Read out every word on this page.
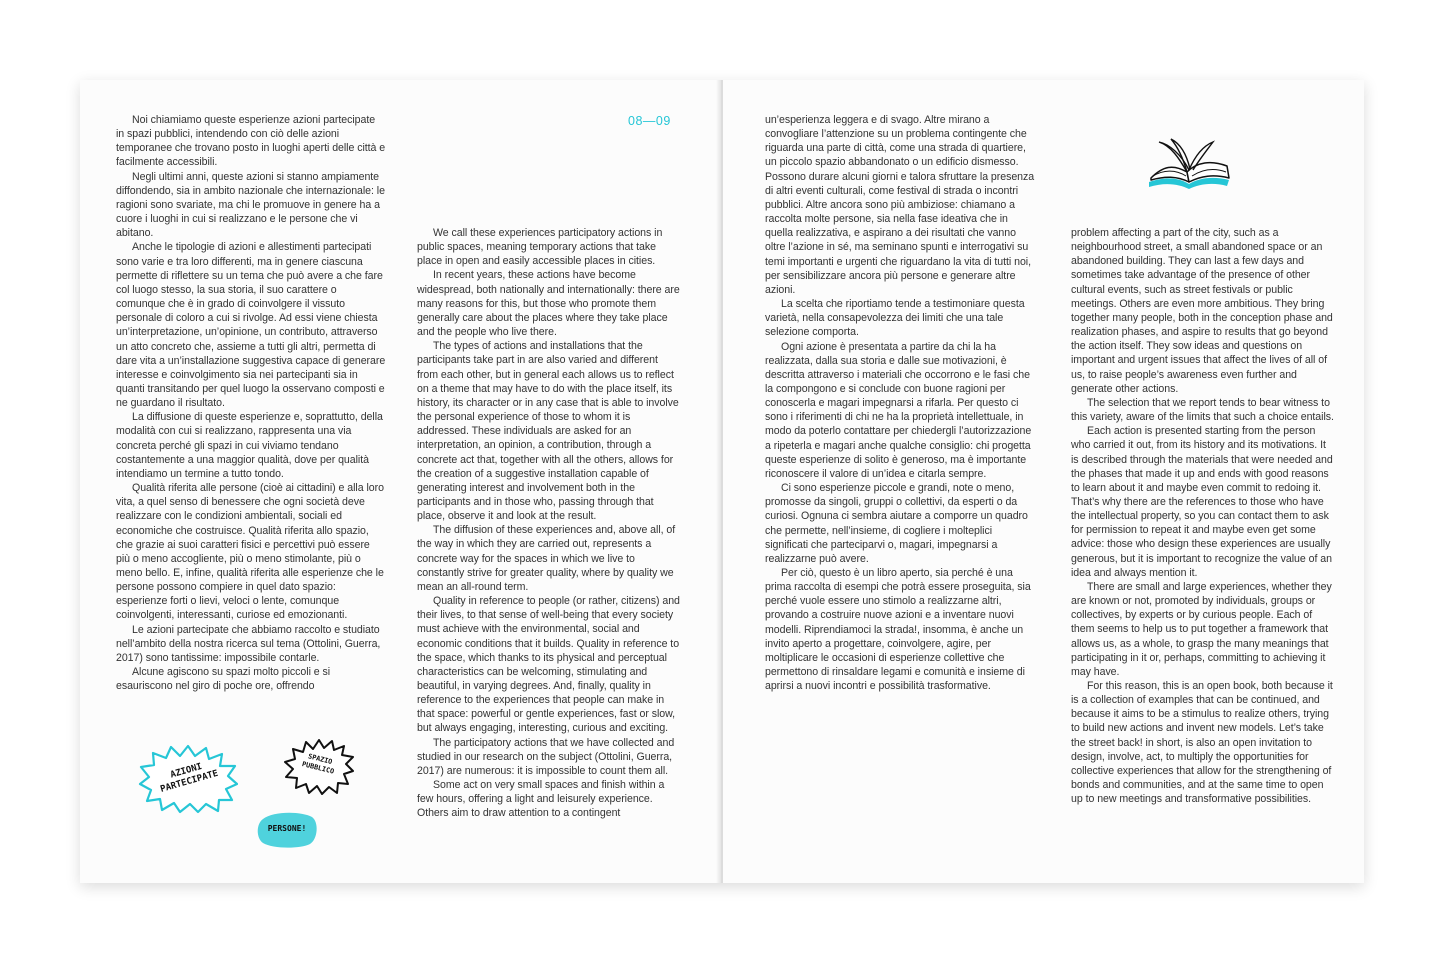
08—09

Noi chiamiamo queste esperienze azioni partecipate in spazi pubblici, intendendo con ciò delle azioni temporanee che trovano posto in luoghi aperti delle città e facilmente accessibili.

Negli ultimi anni, queste azioni si stanno ampiamente diffondendo, sia in ambito nazionale che internazionale: le ragioni sono svariate, ma chi le promuove in genere ha a cuore i luoghi in cui si realizzano e le persone che vi abitano.

Anche le tipologie di azioni e allestimenti partecipati sono varie e tra loro differenti, ma in genere ciascuna permette di riflettere su un tema che può avere a che fare col luogo stesso, la sua storia, il suo carattere o comunque che è in grado di coinvolgere il vissuto personale di coloro a cui si rivolge. Ad essi viene chiesta un’interpretazione, un’opinione, un contributo, attraverso un atto concreto che, assieme a tutti gli altri, permetta di dare vita a un’installazione suggestiva capace di generare interesse e coinvolgimento sia nei partecipanti sia in quanti transitando per quel luogo la osservano composti e ne guardano il risultato.

La diffusione di queste esperienze e, soprattutto, della modalità con cui si realizzano, rappresenta una via concreta perché gli spazi in cui viviamo tendano costantemente a una maggior qualità, dove per qualità intendiamo un termine a tutto tondo.

Qualità riferita alle persone (cioè ai cittadini) e alla loro vita, a quel senso di benessere che ogni società deve realizzare con le condizioni ambientali, sociali ed economiche che costruisce. Qualità riferita allo spazio, che grazie ai suoi caratteri fisici e percettivi può essere più o meno accogliente, più o meno stimolante, più o meno bello. E, infine, qualità riferita alle esperienze che le persone possono compiere in quel dato spazio: esperienze forti o lievi, veloci o lente, comunque coinvolgenti, interessanti, curiose ed emozionanti.

Le azioni partecipate che abbiamo raccolto e studiato nell’ambito della nostra ricerca sul tema (Ottolini, Guerra, 2017) sono tantissime: impossibile contarle.

Alcune agiscono su spazi molto piccoli e si esauriscono nel giro di poche ore, offrendo

We call these experiences participatory actions in public spaces, meaning temporary actions that take place in open and easily accessible places in cities.

In recent years, these actions have become widespread, both nationally and internationally: there are many reasons for this, but those who promote them generally care about the places where they take place and the people who live there.

The types of actions and installations that the participants take part in are also varied and different from each other, but in general each allows us to reflect on a theme that may have to do with the place itself, its history, its character or in any case that is able to involve the personal experience of those to whom it is addressed. These individuals are asked for an interpretation, an opinion, a contribution, through a concrete act that, together with all the others, allows for the creation of a suggestive installation capable of generating interest and involvement both in the participants and in those who, passing through that place, observe it and look at the result.

The diffusion of these experiences and, above all, of the way in which they are carried out, represents a concrete way for the spaces in which we live to constantly strive for greater quality, where by quality we mean an all-round term.

Quality in reference to people (or rather, citizens) and their lives, to that sense of well-being that every society must achieve with the environmental, social and economic conditions that it builds. Quality in reference to the space, which thanks to its physical and perceptual characteristics can be welcoming, stimulating and beautiful, in varying degrees. And, finally, quality in reference to the experiences that people can make in that space: powerful or gentle experiences, fast or slow, but always engaging, interesting, curious and exciting.

The participatory actions that we have collected and studied in our research on the subject (Ottolini, Guerra, 2017) are numerous: it is impossible to count them all.

Some act on very small spaces and finish within a few hours, offering a light and leisurely experience. Others aim to draw attention to a contingent

AZIONI
PARTECIPATE
SPAZIO
PUBBLICO
PERSONE!

un’esperienza leggera e di svago. Altre mirano a convogliare l’attenzione su un problema contingente che riguarda una parte di città, come una strada di quartiere, un piccolo spazio abbandonato o un edificio dismesso. Possono durare alcuni giorni e talora sfruttare la presenza di altri eventi culturali, come festival di strada o incontri pubblici. Altre ancora sono più ambiziose: chiamano a raccolta molte persone, sia nella fase ideativa che in quella realizzativa, e aspirano a dei risultati che vanno oltre l’azione in sé, ma seminano spunti e interrogativi su temi importanti e urgenti che riguardano la vita di tutti noi, per sensibilizzare ancora più persone e generare altre azioni.

La scelta che riportiamo tende a testimoniare questa varietà, nella consapevolezza dei limiti che una tale selezione comporta.

Ogni azione è presentata a partire da chi la ha realizzata, dalla sua storia e dalle sue motivazioni, è descritta attraverso i materiali che occorrono e le fasi che la compongono e si conclude con buone ragioni per conoscerla e magari impegnarsi a rifarla. Per questo ci sono i riferimenti di chi ne ha la proprietà intellettuale, in modo da poterlo contattare per chiedergli l’autorizzazione a ripeterla e magari anche qualche consiglio: chi progetta queste esperienze di solito è generoso, ma è importante riconoscere il valore di un’idea e citarla sempre.

Ci sono esperienze piccole e grandi, note o meno, promosse da singoli, gruppi o collettivi, da esperti o da curiosi. Ognuna ci sembra aiutare a comporre un quadro che permette, nell’insieme, di cogliere i molteplici significati che parteciparvi o, magari, impegnarsi a realizzarne può avere.

Per ciò, questo è un libro aperto, sia perché è una prima raccolta di esempi che potrà essere proseguita, sia perché vuole essere uno stimolo a realizzarne altri, provando a costruire nuove azioni e a inventare nuovi modelli. Riprendiamoci la strada!, insomma, è anche un invito aperto a progettare, coinvolgere, agire, per moltiplicare le occasioni di esperienze collettive che permettono di rinsaldare legami e comunità e insieme di aprirsi a nuovi incontri e possibilità trasformative.

problem affecting a part of the city, such as a neighbourhood street, a small abandoned space or an abandoned building. They can last a few days and sometimes take advantage of the presence of other cultural events, such as street festivals or public meetings. Others are even more ambitious. They bring together many people, both in the conception phase and realization phases, and aspire to results that go beyond the action itself. They sow ideas and questions on important and urgent issues that affect the lives of all of us, to raise people’s awareness even further and generate other actions.

The selection that we report tends to bear witness to this variety, aware of the limits that such a choice entails.

Each action is presented starting from the person who carried it out, from its history and its motivations. It is described through the materials that were needed and the phases that made it up and ends with good reasons to learn about it and maybe even commit to redoing it. That’s why there are the references to those who have the intellectual property, so you can contact them to ask for permission to repeat it and maybe even get some advice: those who design these experiences are usually generous, but it is important to recognize the value of an idea and always mention it.

There are small and large experiences, whether they are known or not, promoted by individuals, groups or collectives, by experts or by curious people. Each of them seems to help us to put together a framework that allows us, as a whole, to grasp the many meanings that participating in it or, perhaps, committing to achieving it may have.

For this reason, this is an open book, both because it is a collection of examples that can be continued, and because it aims to be a stimulus to realize others, trying to build new actions and invent new models. Let’s take the street back! in short, is also an open invitation to design, involve, act, to multiply the opportunities for collective experiences that allow for the strengthening of bonds and communities, and at the same time to open up to new meetings and transformative possibilities.
